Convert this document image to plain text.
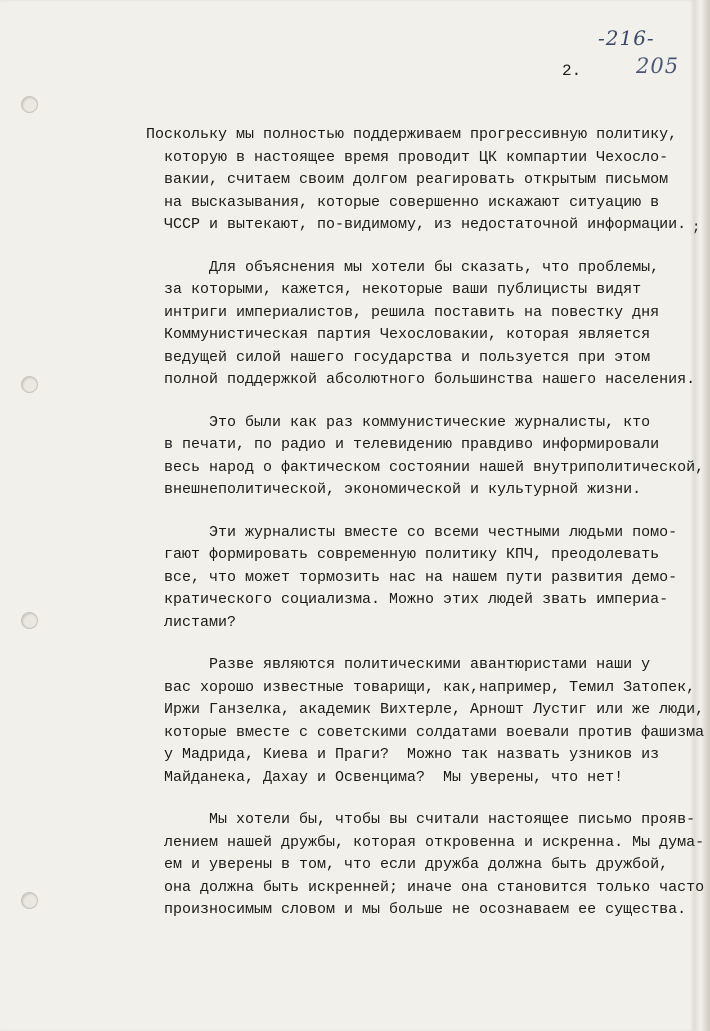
-216-
205
2.
;
Поскольку мы полностью поддерживаем прогрессивную политику,
которую в настоящее время проводит ЦК компартии Чехослo-
вакии, считаем своим долгом реагировать открытым письмом
на высказывания, которые совершенно искажают ситуацию в
ЧССР и вытекают, по-видимому, из недостаточной информации.
Для объяснения мы хотели бы сказать, что проблемы,
за которыми, кажется, некоторые ваши публицисты видят
интриги империалистов, решила поставить на повестку дня
Коммунистическая партия Чехословакии, которая является
ведущей силой нашего государства и пользуется при этом
полной поддержкой абсолютного большинства нашего населения.
Это были как раз коммунистические журналисты, кто
в печати, по радио и телевидению правдиво информировали
весь народ о фактическом состоянии нашей внутриполитической,
внешнеполитической, экономической и культурной жизни.
Эти журналисты вместе со всеми честными людьми помо-
гают формировать современную политику КПЧ, преодолевать
все, что может тормозить нас на нашем пути развития демо-
кратического социализма. Можно этих людей звать империа-
листами?
Разве являются политическими авантюристами наши у
вас хорошо известные товарищи, как,например, Темил Затопек,
Иржи Ганзелка, академик Вихтерле, Арношт Лустиг или же люди,
которые вместе с советскими солдатами воевали против фашизма
у Мадрида, Киева и Праги?  Можно так назвать узников из
Майданека, Дахау и Освенцима?  Мы уверены, что нет!
Мы хотели бы, чтобы вы считали настоящее письмо прояв-
лением нашей дружбы, которая откровенна и искренна. Мы дума-
ем и уверены в том, что если дружба должна быть дружбой,
она должна быть искренней; иначе она становится только часто
произносимым словом и мы больше не осознаваем ее существа.
